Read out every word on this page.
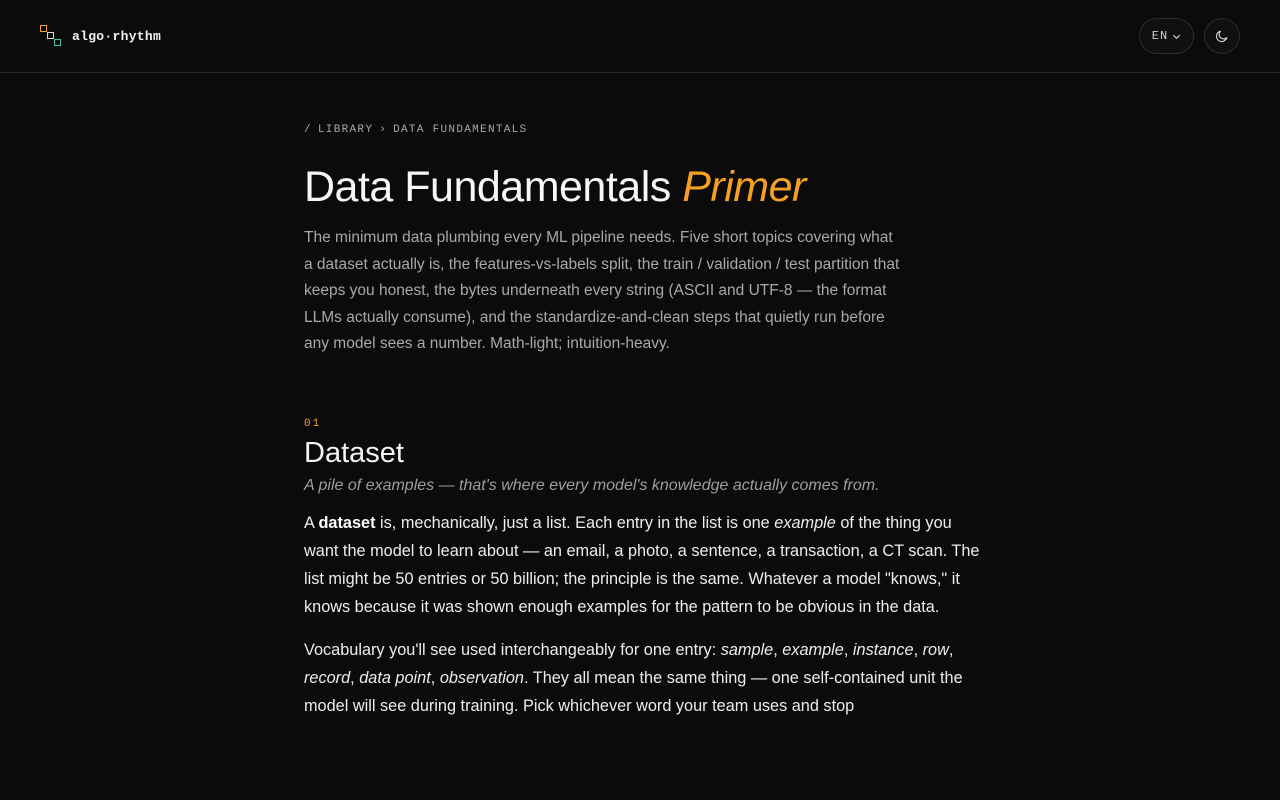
algo·rhythm	EN
/ LIBRARY › DATA FUNDAMENTALS
Data Fundamentals Primer

The minimum data plumbing every ML pipeline needs. Five short topics covering what a dataset actually is, the features-vs-labels split, the train / validation / test partition that keeps you honest, the bytes underneath every string (ASCII and UTF-8 — the format LLMs actually consume), and the standardize-and-clean steps that quietly run before any model sees a number. Math-light; intuition-heavy.

01
Dataset

A pile of examples — that's where every model's knowledge actually comes from.

A dataset is, mechanically, just a list. Each entry in the list is one example of the thing you want the model to learn about — an email, a photo, a sentence, a transaction, a CT scan. The list might be 50 entries or 50 billion; the principle is the same. Whatever a model "knows," it knows because it was shown enough examples for the pattern to be obvious in the data.

Vocabulary you'll see used interchangeably for one entry: sample, example, instance, row, record, data point, observation. They all mean the same thing — one self-contained unit the model will see during training. Pick whichever word your team uses and stop
